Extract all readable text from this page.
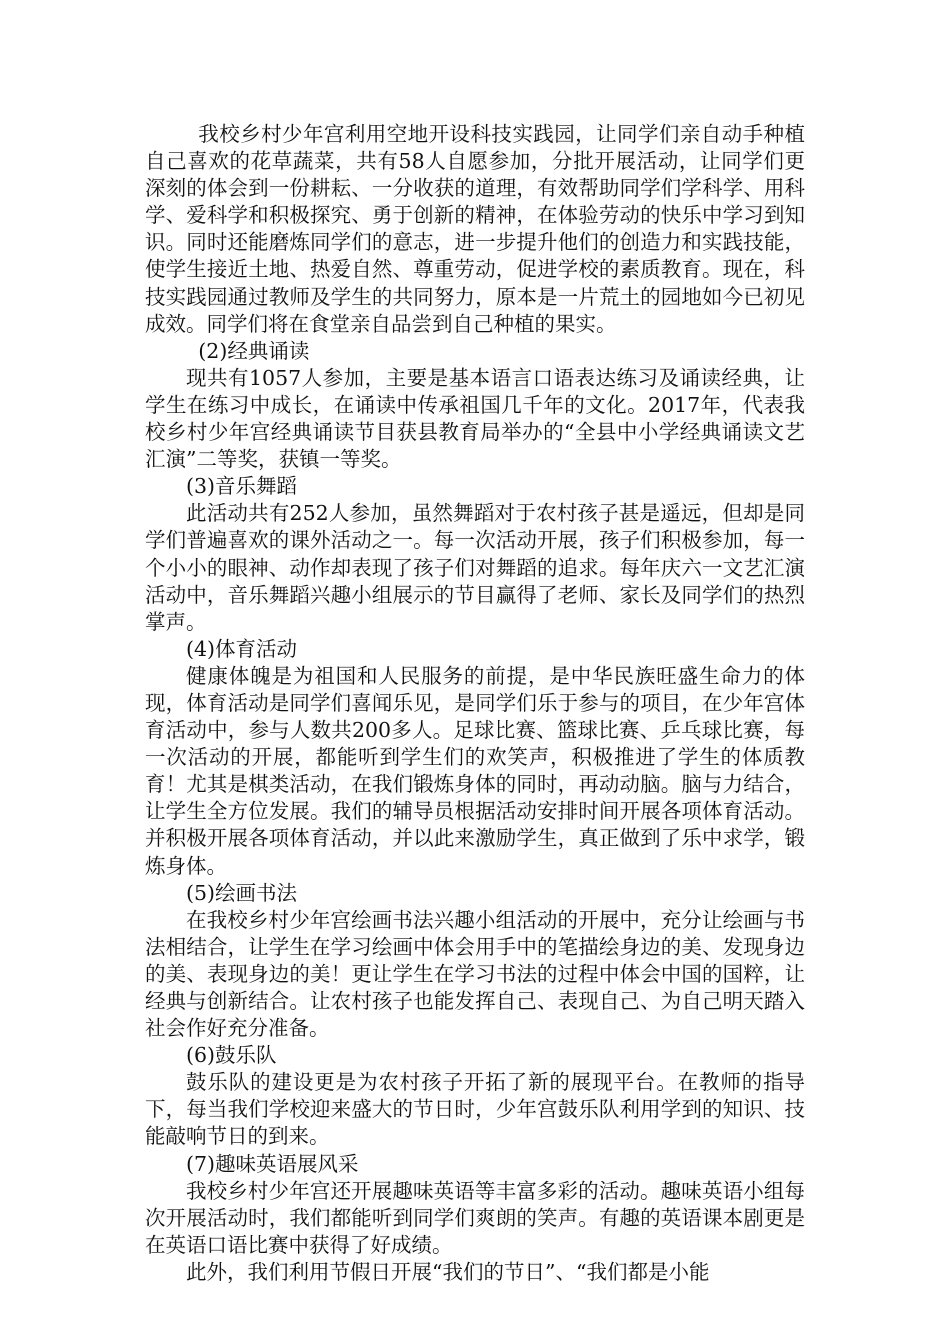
我校乡村少年宫利用空地开设科技实践园，让同学们亲自动手种植自己喜欢的花草蔬菜，共有58人自愿参加，分批开展活动，让同学们更深刻的体会到一份耕耘、一分收获的道理，有效帮助同学们学科学、用科学、爱科学和积极探究、勇于创新的精神，在体验劳动的快乐中学习到知识。同时还能磨炼同学们的意志，进一步提升他们的创造力和实践技能，使学生接近土地、热爱自然、尊重劳动，促进学校的素质教育。现在，科技实践园通过教师及学生的共同努力，原本是一片荒土的园地如今已初见成效。同学们将在食堂亲自品尝到自己种植的果实。

(2)经典诵读

现共有1057人参加，主要是基本语言口语表达练习及诵读经典，让学生在练习中成长，在诵读中传承祖国几千年的文化。2017年，代表我校乡村少年宫经典诵读节目获县教育局举办的“全县中小学经典诵读文艺汇演”二等奖，获镇一等奖。

(3)音乐舞蹈

此活动共有252人参加，虽然舞蹈对于农村孩子甚是遥远，但却是同学们普遍喜欢的课外活动之一。每一次活动开展，孩子们积极参加，每一个小小的眼神、动作却表现了孩子们对舞蹈的追求。每年庆六一文艺汇演活动中，音乐舞蹈兴趣小组展示的节目赢得了老师、家长及同学们的热烈掌声。

(4)体育活动

健康体魄是为祖国和人民服务的前提，是中华民族旺盛生命力的体现，体育活动是同学们喜闻乐见，是同学们乐于参与的项目，在少年宫体育活动中，参与人数共200多人。足球比赛、篮球比赛、乒乓球比赛，每一次活动的开展，都能听到学生们的欢笑声，积极推进了学生的体质教育！尤其是棋类活动，在我们锻炼身体的同时，再动动脑。脑与力结合，让学生全方位发展。我们的辅导员根据活动安排时间开展各项体育活动。并积极开展各项体育活动，并以此来激励学生，真正做到了乐中求学，锻炼身体。

(5)绘画书法

在我校乡村少年宫绘画书法兴趣小组活动的开展中，充分让绘画与书法相结合，让学生在学习绘画中体会用手中的笔描绘身边的美、发现身边的美、表现身边的美！更让学生在学习书法的过程中体会中国的国粹，让经典与创新结合。让农村孩子也能发挥自己、表现自己、为自己明天踏入社会作好充分准备。

(6)鼓乐队

鼓乐队的建设更是为农村孩子开拓了新的展现平台。在教师的指导下，每当我们学校迎来盛大的节日时，少年宫鼓乐队利用学到的知识、技能敲响节日的到来。

(7)趣味英语展风采

我校乡村少年宫还开展趣味英语等丰富多彩的活动。趣味英语小组每次开展活动时，我们都能听到同学们爽朗的笑声。有趣的英语课本剧更是在英语口语比赛中获得了好成绩。

此外，我们利用节假日开展“我们的节日”、“我们都是小能
